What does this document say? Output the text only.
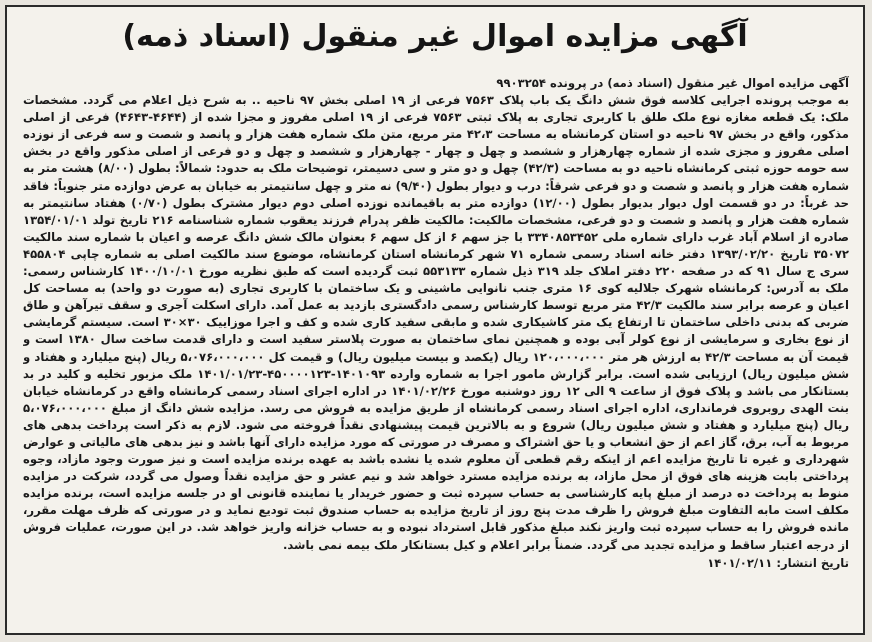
آگهی مزایده اموال غیر منقول (اسناد ذمه)

آگهی مزایده اموال غیر منقول (اسناد ذمه) در پرونده ۹۹۰۳۲۵۴
به موجب پرونده اجرایی کلاسه فوق شش دانگ یک باب پلاک ۷۵۶۳ فرعی از ۱۹ اصلی بخش ۹۷ ناحیه .. به شرح ذیل اعلام می گردد. مشخصات ملک: یک قطعه مغازه نوع ملک طلق با کاربری تجاری به پلاک ثبتی ۷۵۶۳ فرعی از ۱۹ اصلی مفروز و مجزا شده از (۴۶۴۴-۴۶۴۳) فرعی از اصلی مذکور، واقع در بخش ۹۷ ناحیه دو استان کرمانشاه به مساحت ۴۲،۳ متر مربع، متن ملک شماره هفت هزار و پانصد و شصت و سه فرعی از نوزده اصلی مفروز و مجزی شده از شماره چهارهزار و ششصد و چهل و چهار - چهارهزار و ششصد و چهل و دو فرعی از اصلی مذکور واقع در بخش سه حومه حوزه ثبتی کرمانشاه ناحیه دو به مساحت (۴۲/۳) چهل و دو متر و سی دسیمتر، توضیحات ملک به حدود: شمالاً: بطول (۸/۰۰) هشت متر به شماره هفت هزار و پانصد و شصت و دو فرعی شرقاً: درب و دیوار بطول (۹/۴۰) نه متر و چهل سانتیمتر به خیابان به عرض دوازده متر جنوباً: فاقد حد غرباً: در دو قسمت اول دیوار بدیوار بطول (۱۲/۰۰) دوازده متر به باقیمانده نوزده اصلی دوم دیوار مشترک بطول (۰/۷۰) هفتاد سانتیمتر به شماره هفت هزار و پانصد و شصت و دو فرعی، مشخصات مالکیت: مالکیت ظفر پدرام فرزند یعقوب شماره شناسنامه ۲۱۶ تاریخ تولد ۱۳۵۴/۰۱/۰۱ صادره از اسلام آباد غرب دارای شماره ملی ۳۳۴۰۸۵۳۴۵۲ با جز سهم ۶ از کل سهم ۶ بعنوان مالک شش دانگ عرصه و اعیان با شماره سند مالکیت ۳۵۰۷۲ تاریخ ۱۳۹۳/۰۲/۲۰ دفتر خانه اسناد رسمی شماره ۷۱ شهر کرمانشاه استان کرمانشاه، موضوع سند مالکیت اصلی به شماره چاپی ۴۵۵۸۰۴ سری ج سال ۹۱ که در صفحه ۲۲۰ دفتر املاک جلد ۳۱۹ ذیل شماره ۵۵۳۱۳۳ ثبت گردیده است که طبق نظریه مورخ ۱۴۰۰/۱۰/۰۱ کارشناس رسمی: ملک به آدرس: کرمانشاه شهرک جلالیه کوی ۱۶ متری جنب نانوایی ماشینی و یک ساختمان با کاربری تجاری (به صورت دو واحد) به مساحت کل اعیان و عرصه برابر سند مالکیت ۴۲/۳ متر مربع توسط کارشناس رسمی دادگستری بازدید به عمل آمد. دارای اسکلت آجری و سقف تیرآهن و طاق ضربی که بدنی داخلی ساختمان تا ارتفاع یک متر کاشیکاری شده و مابقی سفید کاری شده و کف و اجرا موزاییک ۳۰×۳۰ است. سیستم گرمایشی از نوع بخاری و سرمایشی از نوع کولر آبی بوده و همچنین نمای ساختمان به صورت پلاستر سفید است و دارای قدمت ساخت سال ۱۳۸۰ است و قیمت آن به مساحت ۴۲/۳ به ارزش هر متر ۱۲۰،۰۰۰،۰۰۰ ریال (یکصد و بیست میلیون ریال) و قیمت کل ۵،۰۷۶،۰۰۰،۰۰۰ ریال (پنج میلیارد و هفتاد و شش میلیون ریال) ارزیابی شده است. برابر گزارش مامور اجرا به شماره وارده ۱۴۰۱۰۹۳-۴۵۰۰۰۰۱۲۳-۱۴۰۱/۰۱/۲۳ ملک مزبور تخلیه و کلید در بد بستانکار می باشد و پلاک فوق از ساعت ۹ الی ۱۲ روز دوشنبه مورخ ۱۴۰۱/۰۲/۲۶ در اداره اجرای اسناد رسمی کرمانشاه واقع در کرمانشاه خیابان بنت الهدی روبروی فرمانداری، اداره اجرای اسناد رسمی کرمانشاه از طریق مزایده به فروش می رسد. مزایده شش دانگ از مبلغ ۵،۰۷۶،۰۰۰،۰۰۰ ریال (پنج میلیارد و هفتاد و شش میلیون ریال) شروع و به بالاترین قیمت پیشنهادی نقداً فروخته می شود. لازم به ذکر است پرداخت بدهی های مربوط به آب، برق، گاز اعم از حق انشعاب و یا حق اشتراک و مصرف در صورتی که مورد مزایده دارای آنها باشد و نیز بدهی های مالیاتی و عوارض شهرداری و غیره تا تاریخ مزایده اعم از اینکه رقم قطعی آن معلوم شده یا نشده باشد به عهده برنده مزایده است و نیز صورت وجود مازاد، وجوه پرداختی بابت هزینه های فوق از محل مازاد، به برنده مزایده مسترد خواهد شد و نیم عشر و حق مزایده نقداً وصول می گردد، شرکت در مزایده منوط به پرداخت ده درصد از مبلغ پایه کارشناسی به حساب سپرده ثبت و حضور خریدار یا نماینده قانونی او در جلسه مزایده است، برنده مزایده مکلف است مابه التفاوت مبلغ فروش را ظرف مدت پنج روز از تاریخ مزایده به حساب صندوق ثبت تودیع نماید و در صورتی که ظرف مهلت مقرر، مانده فروش را به حساب سپرده ثبت واریز نکند مبلغ مذکور قابل استرداد نبوده و به حساب خزانه واریز خواهد شد. در این صورت، عملیات فروش از درجه اعتبار ساقط و مزایده تجدید می گردد. ضمناً برابر اعلام و کیل بستانکار ملک بیمه نمی باشد.
تاریخ انتشار: ۱۴۰۱/۰۲/۱۱
